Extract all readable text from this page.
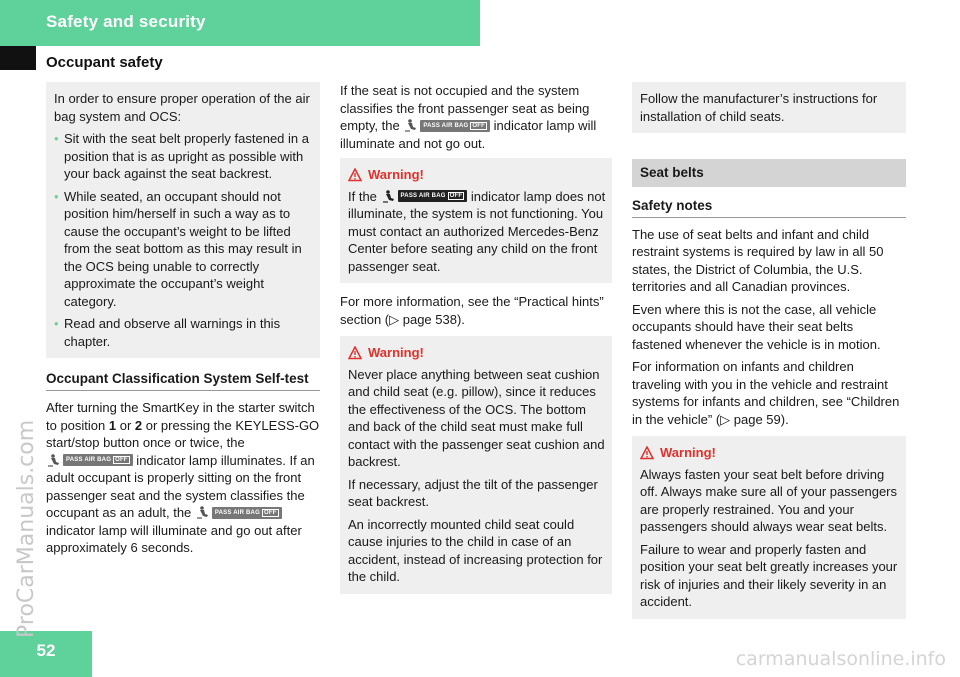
Safety and security
Occupant safety

In order to ensure proper operation of the air bag system and OCS:

• Sit with the seat belt properly fastened in a position that is as upright as possible with your back against the seat backrest.
• While seated, an occupant should not position him/herself in such a way as to cause the occupant’s weight to be lifted from the seat bottom as this may result in the OCS being unable to correctly approximate the occupant’s weight category.
• Read and observe all warnings in this chapter.
Occupant Classification System Self-test

After turning the SmartKey in the starter switch to position 1 or 2 or pressing the KEYLESS-GO start/stop button once or twice, the
PASS AIR BAG OFF indicator lamp illuminates. If an adult occupant is properly sitting on the front passenger seat and the system classifies the occupant as an adult, the	PASS AIR BAG OFF
indicator lamp will illuminate and go out after approximately 6 seconds.

If the seat is not occupied and the system classifies the front passenger seat as being empty, the	PASS AIR BAG OFF indicator lamp will illuminate and not go out.

Warning!

If the	PASS AIR BAG OFF indicator lamp does not illuminate, the system is not functioning. You must contact an authorized Mercedes-Benz Center before seating any child on the front passenger seat.

For more information, see the “Practical hints” section (▷ page 538).

Warning!

Never place anything between seat cushion and child seat (e.g. pillow), since it reduces the effectiveness of the OCS. The bottom and back of the child seat must make full contact with the passenger seat cushion and backrest.

If necessary, adjust the tilt of the passenger seat backrest.

An incorrectly mounted child seat could cause injuries to the child in case of an accident, instead of increasing protection for the child.

Follow the manufacturer’s instructions for installation of child seats.

Seat belts
Safety notes

The use of seat belts and infant and child restraint systems is required by law in all 50 states, the District of Columbia, the U.S. territories and all Canadian provinces.

Even where this is not the case, all vehicle occupants should have their seat belts fastened whenever the vehicle is in motion.

For information on infants and children traveling with you in the vehicle and restraint systems for infants and children, see “Children in the vehicle” (▷ page 59).

Warning!

Always fasten your seat belt before driving off. Always make sure all of your passengers are properly restrained. You and your passengers should always wear seat belts.

Failure to wear and properly fasten and position your seat belt greatly increases your risk of injuries and their likely severity in an accident.

52
ProCarManuals.com
carmanualsonline.info
